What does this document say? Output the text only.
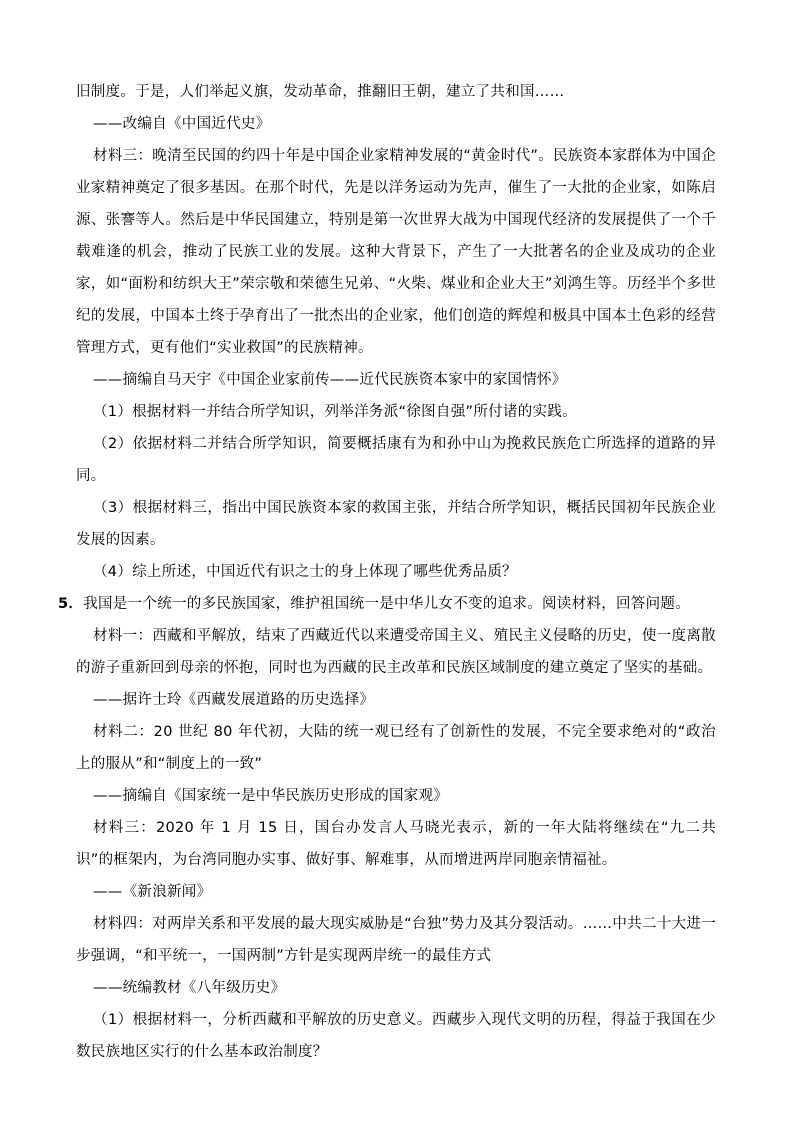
旧制度。于是，人们举起义旗，发动革命，推翻旧王朝，建立了共和国……

——改编自《中国近代史》

材料三：晚清至民国的约四十年是中国企业家精神发展的“黄金时代”。民族资本家群体为中国企业家精神奠定了很多基因。在那个时代，先是以洋务运动为先声，催生了一大批的企业家，如陈启源、张謇等人。然后是中华民国建立，特别是第一次世界大战为中国现代经济的发展提供了一个千载难逢的机会，推动了民族工业的发展。这种大背景下，产生了一大批著名的企业及成功的企业家，如“面粉和纺织大王”荣宗敬和荣德生兄弟、“火柴、煤业和企业大王”刘鸿生等。历经半个多世纪的发展，中国本土终于孕育出了一批杰出的企业家，他们创造的辉煌和极具中国本土色彩的经营管理方式，更有他们“实业救国”的民族精神。

——摘编自马天宇《中国企业家前传——近代民族资本家中的家国情怀》

（1）根据材料一并结合所学知识，列举洋务派“徐图自强”所付诸的实践。

（2）依据材料二并结合所学知识，简要概括康有为和孙中山为挽救民族危亡所选择的道路的异同。

（3）根据材料三，指出中国民族资本家的救国主张，并结合所学知识，概括民国初年民族企业发展的因素。

（4）综上所述，中国近代有识之士的身上体现了哪些优秀品质？

5．我国是一个统一的多民族国家，维护祖国统一是中华儿女不变的追求。阅读材料，回答问题。

材料一：西藏和平解放，结束了西藏近代以来遭受帝国主义、殖民主义侵略的历史，使一度离散的游子重新回到母亲的怀抱，同时也为西藏的民主改革和民族区域制度的建立奠定了坚实的基础。

——据许士玲《西藏发展道路的历史选择》

材料二：20 世纪 80 年代初，大陆的统一观已经有了创新性的发展，不完全要求绝对的“政治上的服从”和“制度上的一致”

——摘编自《国家统一是中华民族历史形成的国家观》

材料三：2020 年 1 月 15 日，国台办发言人马晓光表示，新的一年大陆将继续在“九二共识”的框架内，为台湾同胞办实事、做好事、解难事，从而增进两岸同胞亲情福祉。

——《新浪新闻》

材料四：对两岸关系和平发展的最大现实威胁是“台独”势力及其分裂活动。……中共二十大进一步强调，“和平统一，一国两制”方针是实现两岸统一的最佳方式

——统编教材《八年级历史》

（1）根据材料一，分析西藏和平解放的历史意义。西藏步入现代文明的历程，得益于我国在少数民族地区实行的什么基本政治制度？
